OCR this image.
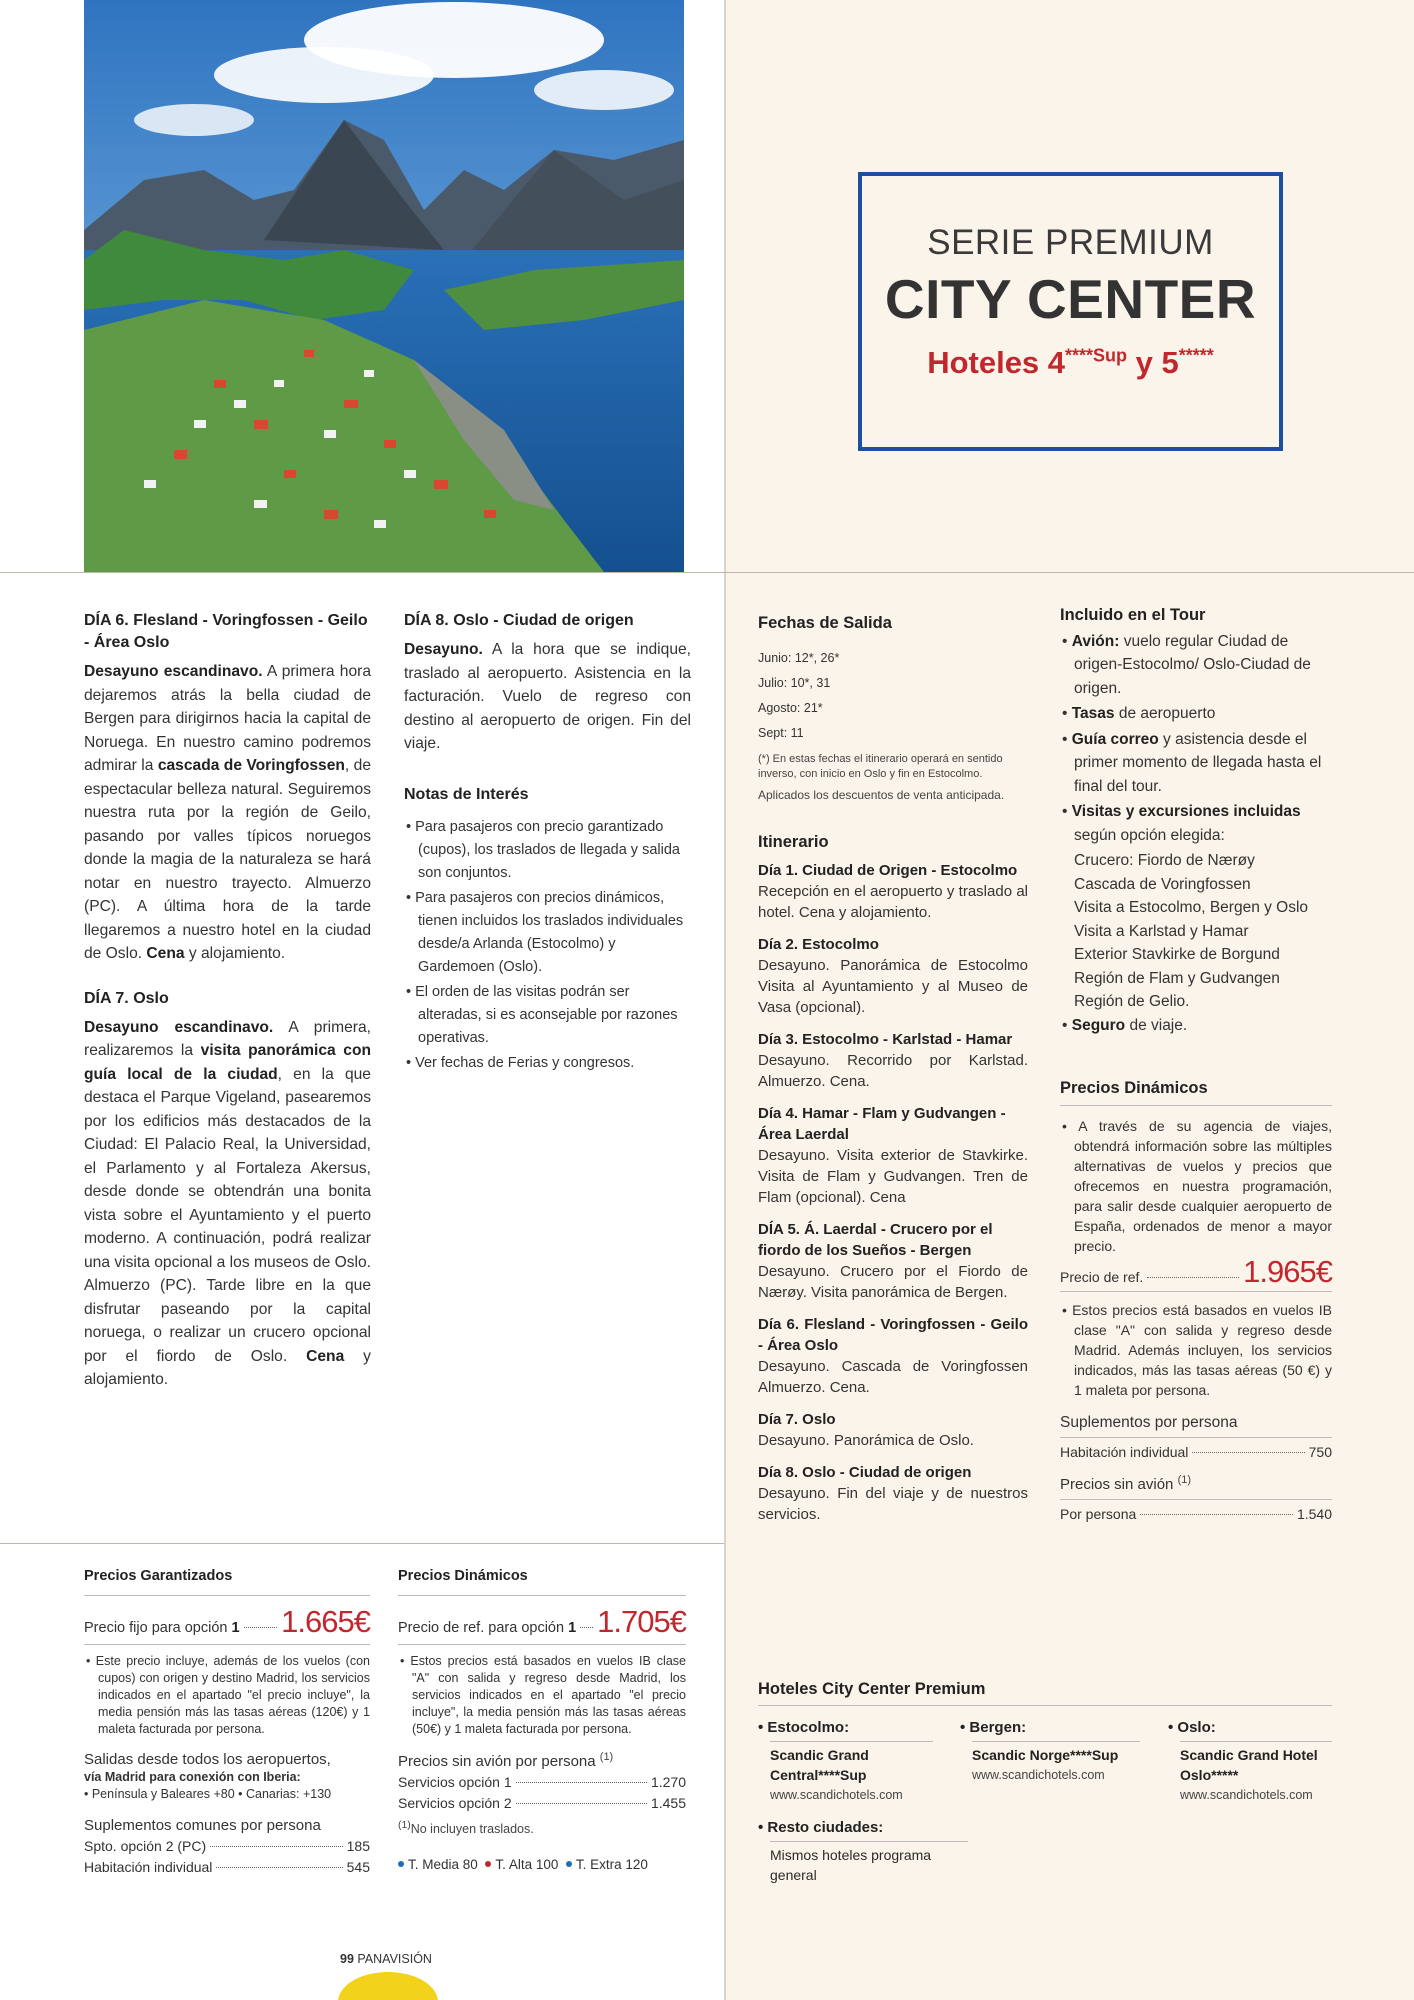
SERIE PREMIUM
CITY CENTER
Hoteles $4^{****Sup}$ y 5*****
DÍA 6. Flesland - Voringfossen - Geilo - Área Oslo

Desayuno escandinavo. A primera hora dejaremos atrás la bella ciudad de Bergen para dirigirnos hacia la capital de Noruega. En nuestro camino podremos admirar la cascada de Voringfossen, de espectacular belleza natural. Seguiremos nuestra ruta por la región de Geilo, pasando por valles típicos noruegos donde la magia de la naturaleza se hará notar en nuestro trayecto. Almuerzo (PC). A última hora de la tarde llegaremos a nuestro hotel en la ciudad de Oslo. Cena y alojamiento.

DÍA 7. Oslo

Desayuno escandinavo. A primera, realizaremos la visita panorámica con guía local de la ciudad, en la que destaca el Parque Vigeland, pasearemos por los edificios más destacados de la Ciudad: El Palacio Real, la Universidad, el Parlamento y al Fortaleza Akersus, desde donde se obtendrán una bonita vista sobre el Ayuntamiento y el puerto moderno. A continuación, podrá realizar una visita opcional a los museos de Oslo. Almuerzo (PC). Tarde libre en la que disfrutar paseando por la capital noruega, o realizar un crucero opcional por el fiordo de Oslo. Cena y alojamiento.

DÍA 8. Oslo - Ciudad de origen

Desayuno. A la hora que se indique, traslado al aeropuerto. Asistencia en la facturación. Vuelo de regreso con destino al aeropuerto de origen. Fin del viaje.

Notas de Interés
• Para pasajeros con precio garantizado (cupos), los traslados de llegada y salida son conjuntos.
• Para pasajeros con precios dinámicos, tienen incluidos los traslados individuales desde/a Arlanda (Estocolmo) y Gardemoen (Oslo).
• El orden de las visitas podrán ser alteradas, si es aconsejable por razones operativas.
• Ver fechas de Ferias y congresos.
Precios Garantizados
Precio fijo para opción 1 1.665€

• Este precio incluye, además de los vuelos (con cupos) con origen y destino Madrid, los servicios indicados en el apartado "el precio incluye", la media pensión más las tasas aéreas (120€) y 1 maleta facturada por persona.

Salidas desde todos los aeropuertos,
vía Madrid para conexión con Iberia:
• Península y Baleares +80 • Canarias: +130
Suplementos comunes por persona
Spto. opción 2 (PC)	185
Habitación individual	545
Precios Dinámicos
Precio de ref. para opción 1 1.705€

• Estos precios está basados en vuelos IB clase "A" con salida y regreso desde Madrid, los servicios indicados en el apartado "el precio incluye", la media pensión más las tasas aéreas (50€) y 1 maleta facturada por persona.

Precios sin avión por persona $^{(1)}$
Servicios opción 1	1.270
Servicios opción 2	1.455
$^{(1)}$No incluyen traslados.
T. Media 80 T. Alta 100 T. Extra 120
Fechas de Salida
Junio: 12*, 26*
Julio: 10*, 31
Agosto: 21*
Sept: 11
(*) En estas fechas el itinerario operará en sentido inverso, con inicio en Oslo y fin en Estocolmo.
Aplicados los descuentos de venta anticipada.
Itinerario
Día 1. Ciudad de Origen - Estocolmo
Recepción en el aeropuerto y traslado al hotel. Cena y alojamiento.
Día 2. Estocolmo
Desayuno. Panorámica de Estocolmo Visita al Ayuntamiento y al Museo de Vasa (opcional).
Día 3. Estocolmo - Karlstad - Hamar
Desayuno. Recorrido por Karlstad. Almuerzo. Cena.
Día 4. Hamar - Flam y Gudvangen - Área Laerdal
Desayuno. Visita exterior de Stavkirke. Visita de Flam y Gudvangen. Tren de Flam (opcional). Cena
DÍA 5. Á. Laerdal - Crucero por el fiordo de los Sueños - Bergen
Desayuno. Crucero por el Fiordo de Nærøy. Visita panorámica de Bergen.
Día 6. Flesland - Voringfossen - Geilo - Área Oslo
Desayuno. Cascada de Voringfossen Almuerzo. Cena.
Día 7. Oslo
Desayuno. Panorámica de Oslo.
Día 8. Oslo - Ciudad de origen
Desayuno. Fin del viaje y de nuestros servicios.
Incluido en el Tour
• Avión: vuelo regular Ciudad de origen-Estocolmo/ Oslo-Ciudad de origen.
• Tasas de aeropuerto
• Guía correo y asistencia desde el primer momento de llegada hasta el final del tour.
• Visitas y excursiones incluidas según opción elegida:
Crucero: Fiordo de Nærøy
Cascada de Voringfossen
Visita a Estocolmo, Bergen y Oslo
Visita a Karlstad y Hamar
Exterior Stavkirke de Borgund
Región de Flam y Gudvangen
Región de Gelio.
• Seguro de viaje.
Precios Dinámicos

• A través de su agencia de viajes, obtendrá información sobre las múltiples alternativas de vuelos y precios que ofrecemos en nuestra programación, para salir desde cualquier aeropuerto de España, ordenados de menor a mayor precio.

Precio de ref.	1.965€

• Estos precios está basados en vuelos IB clase "A" con salida y regreso desde Madrid. Además incluyen, los servicios indicados, más las tasas aéreas (50 €) y 1 maleta por persona.

Suplementos por persona
Habitación individual	750
Precios sin avión $^{(1)}$
Por persona	1.540
Hoteles City Center Premium
• Estocolmo:
Scandic Grand Central****Sup
www.scandichotels.com
• Bergen:
Scandic Norge****Sup
www.scandichotels.com
• Oslo:
Scandic Grand Hotel Oslo*****
www.scandichotels.com
• Resto ciudades:
Mismos hoteles programa general
99 PANAVISIÓN
